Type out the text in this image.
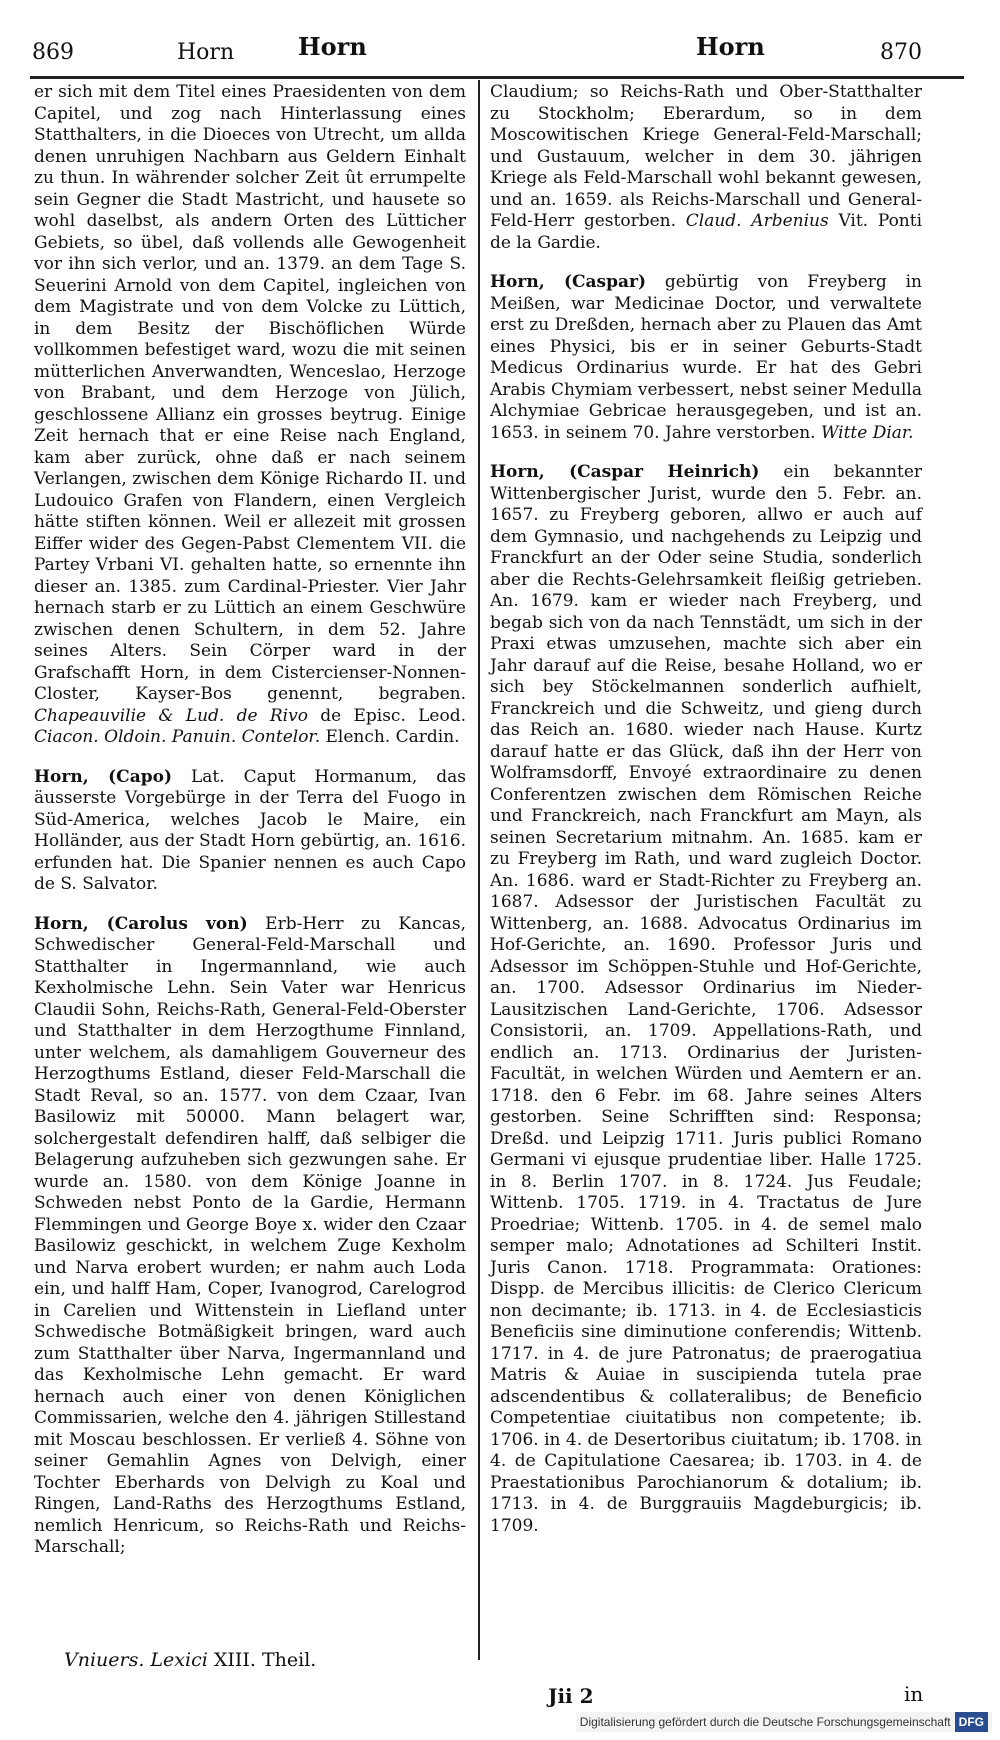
869	Horn	Horn	Horn	870

er sich mit dem Titel eines Praesidenten von dem Capitel, und zog nach Hinterlassung eines Statthalters, in die Dioeces von Utrecht, um allda denen unruhigen Nachbarn aus Geldern Einhalt zu thun. In währender solcher Zeit ût errumpelte sein Gegner die Stadt Mastricht, und hausete so wohl daselbst, als andern Orten des Lütticher Gebiets, so übel, daß vollends alle Gewogenheit vor ihn sich verlor, und an. 1379. an dem Tage S. Seuerini Arnold von dem Capitel, ingleichen von dem Magistrate und von dem Volcke zu Lüttich, in dem Besitz der Bischöflichen Würde vollkommen befestiget ward, wozu die mit seinen mütterlichen Anverwandten, Wenceslao, Herzoge von Brabant, und dem Herzoge von Jülich, geschlossene Allianz ein grosses beytrug. Einige Zeit hernach that er eine Reise nach England, kam aber zurück, ohne daß er nach seinem Verlangen, zwischen dem Könige Richardo II. und Ludouico Grafen von Flandern, einen Vergleich hätte stiften können. Weil er allezeit mit grossen Eiffer wider des Gegen-Pabst Clementem VII. die Partey Vrbani VI. gehalten hatte, so ernennte ihn dieser an. 1385. zum Cardinal-Priester. Vier Jahr hernach starb er zu Lüttich an einem Geschwüre zwischen denen Schultern, in dem 52. Jahre seines Alters. Sein Cörper ward in der Grafschafft Horn, in dem Cistercienser-Nonnen-Closter, Kayser-Bos genennt, begraben. Chapeauvilie & Lud. de Rivo de Episc. Leod. Ciacon. Oldoin. Panuin. Contelor. Elench. Cardin.

Horn, (Capo) Lat. Caput Hormanum, das äusserste Vorgebürge in der Terra del Fuogo in Süd-America, welches Jacob le Maire, ein Holländer, aus der Stadt Horn gebürtig, an. 1616. erfunden hat. Die Spanier nennen es auch Capo de S. Salvator.

Horn, (Carolus von) Erb-Herr zu Kancas, Schwedischer General-Feld-Marschall und Statthalter in Ingermannland, wie auch Kexholmische Lehn. Sein Vater war Henricus Claudii Sohn, Reichs-Rath, General-Feld-Oberster und Statthalter in dem Herzogthume Finnland, unter welchem, als damahligem Gouverneur des Herzogthums Estland, dieser Feld-Marschall die Stadt Reval, so an. 1577. von dem Czaar, Ivan Basilowiz mit 50000. Mann belagert war, solchergestalt defendiren halff, daß selbiger die Belagerung aufzuheben sich gezwungen sahe. Er wurde an. 1580. von dem Könige Joanne in Schweden nebst Ponto de la Gardie, Hermann Flemmingen und George Boye x. wider den Czaar Basilowiz geschickt, in welchem Zuge Kexholm und Narva erobert wurden; er nahm auch Loda ein, und halff Ham, Coper, Ivanogrod, Carelogrod in Carelien und Wittenstein in Liefland unter Schwedische Botmäßigkeit bringen, ward auch zum Statthalter über Narva, Ingermannland und das Kexholmische Lehn gemacht. Er ward hernach auch einer von denen Königlichen Commissarien, welche den 4. jährigen Stillestand mit Moscau beschlossen. Er verließ 4. Söhne von seiner Gemahlin Agnes von Delvigh, einer Tochter Eberhards von Delvigh zu Koal und Ringen, Land-Raths des Herzogthums Estland, nemlich Henricum, so Reichs-Rath und Reichs-Marschall;

Claudium; so Reichs-Rath und Ober-Statthalter zu Stockholm; Eberardum, so in dem Moscowitischen Kriege General-Feld-Marschall; und Gustauum, welcher in dem 30. jährigen Kriege als Feld-Marschall wohl bekannt gewesen, und an. 1659. als Reichs-Marschall und General-Feld-Herr gestorben. Claud. Arbenius Vit. Ponti de la Gardie.

Horn, (Caspar) gebürtig von Freyberg in Meißen, war Medicinae Doctor, und verwaltete erst zu Dreßden, hernach aber zu Plauen das Amt eines Physici, bis er in seiner Geburts-Stadt Medicus Ordinarius wurde. Er hat des Gebri Arabis Chymiam verbessert, nebst seiner Medulla Alchymiae Gebricae herausgegeben, und ist an. 1653. in seinem 70. Jahre verstorben. Witte Diar.

Horn, (Caspar Heinrich) ein bekannter Wittenbergischer Jurist, wurde den 5. Febr. an. 1657. zu Freyberg geboren, allwo er auch auf dem Gymnasio, und nachgehends zu Leipzig und Franckfurt an der Oder seine Studia, sonderlich aber die Rechts-Gelehrsamkeit fleißig getrieben. An. 1679. kam er wieder nach Freyberg, und begab sich von da nach Tennstädt, um sich in der Praxi etwas umzusehen, machte sich aber ein Jahr darauf auf die Reise, besahe Holland, wo er sich bey Stöckelmannen sonderlich aufhielt, Franckreich und die Schweitz, und gieng durch das Reich an. 1680. wieder nach Hause. Kurtz darauf hatte er das Glück, daß ihn der Herr von Wolframsdorff, Envoyé extraordinaire zu denen Conferentzen zwischen dem Römischen Reiche und Franckreich, nach Franckfurt am Mayn, als seinen Secretarium mitnahm. An. 1685. kam er zu Freyberg im Rath, und ward zugleich Doctor. An. 1686. ward er Stadt-Richter zu Freyberg an. 1687. Adsessor der Juristischen Facultät zu Wittenberg, an. 1688. Advocatus Ordinarius im Hof-Gerichte, an. 1690. Professor Juris und Adsessor im Schöppen-Stuhle und Hof-Gerichte, an. 1700. Adsessor Ordinarius im Nieder-Lausitzischen Land-Gerichte, 1706. Adsessor Consistorii, an. 1709. Appellations-Rath, und endlich an. 1713. Ordinarius der Juristen-Facultät, in welchen Würden und Aemtern er an. 1718. den 6 Febr. im 68. Jahre seines Alters gestorben. Seine Schrifften sind: Responsa; Dreßd. und Leipzig 1711. Juris publici Romano Germani vi ejusque prudentiae liber. Halle 1725. in 8. Berlin 1707. in 8. 1724. Jus Feudale; Wittenb. 1705. 1719. in 4. Tractatus de Jure Proedriae; Wittenb. 1705. in 4. de semel malo semper malo; Adnotationes ad Schilteri Instit. Juris Canon. 1718. Programmata: Orationes: Dispp. de Mercibus illicitis: de Clerico Clericum non decimante; ib. 1713. in 4. de Ecclesiasticis Beneficiis sine diminutione conferendis; Wittenb. 1717. in 4. de jure Patronatus; de praerogatiua Matris & Auiae in suscipienda tutela prae adscendentibus & collateralibus; de Beneficio Competentiae ciuitatibus non competente; ib. 1706. in 4. de Desertoribus ciuitatum; ib. 1708. in 4. de Capitulatione Caesarea; ib. 1703. in 4. de Praestationibus Parochianorum & dotalium; ib. 1713. in 4. de Burggrauiis Magdeburgicis; ib. 1709.

Vniuers. Lexici XIII. Theil.
Jii 2	in
Digitalisierung gefördert durch die Deutsche Forschungsgemeinschaft DFG
